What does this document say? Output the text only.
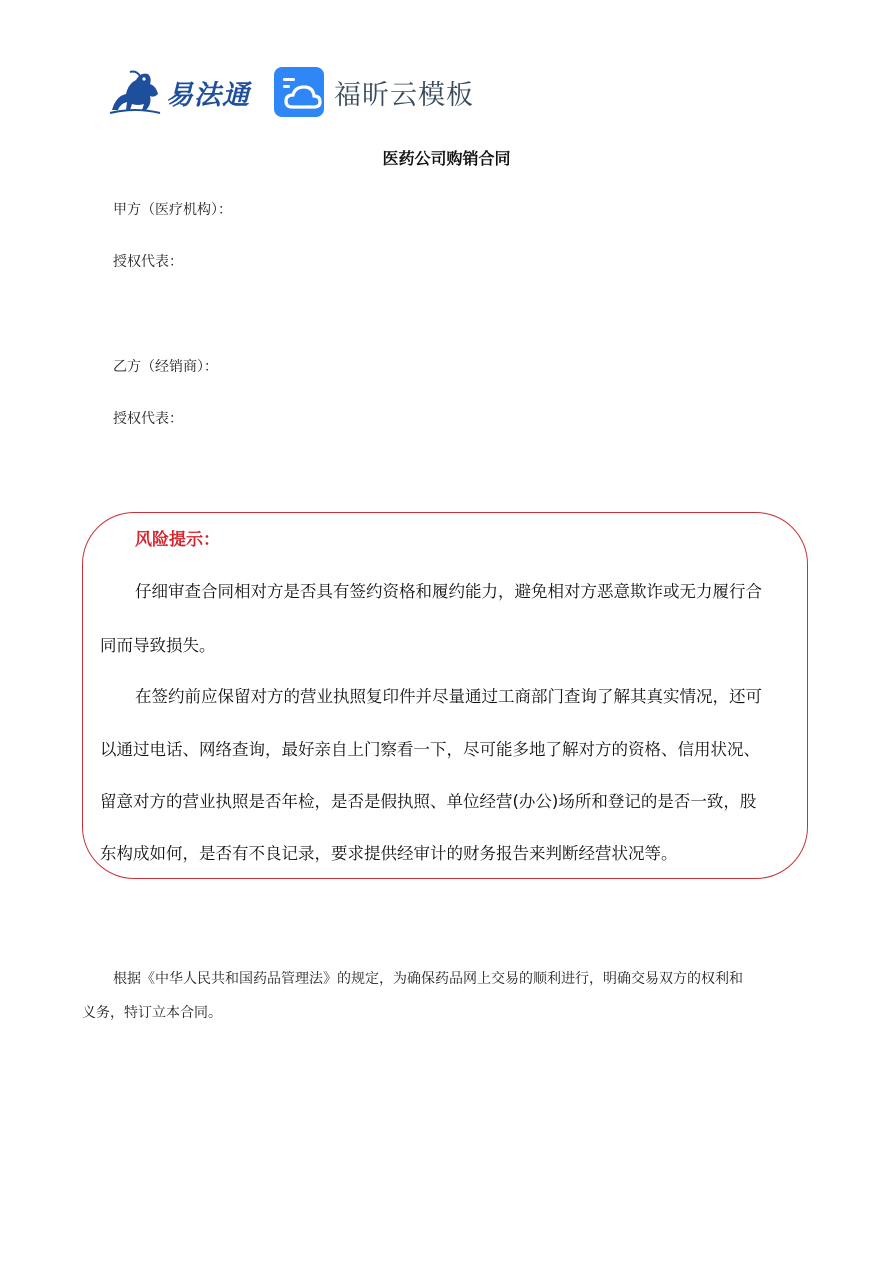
易法通	福昕云模板
医药公司购销合同
甲方（医疗机构）：
授权代表：
乙方（经销商）：
授权代表：
风险提示：
仔细审查合同相对方是否具有签约资格和履约能力，避免相对方恶意欺诈或无力履行合
同而导致损失。
在签约前应保留对方的营业执照复印件并尽量通过工商部门查询了解其真实情况，还可
以通过电话、网络查询，最好亲自上门察看一下，尽可能多地了解对方的资格、信用状况、
留意对方的营业执照是否年检，是否是假执照、单位经营(办公)场所和登记的是否一致，股
东构成如何，是否有不良记录，要求提供经审计的财务报告来判断经营状况等。
根据《中华人民共和国药品管理法》的规定，为确保药品网上交易的顺利进行，明确交易双方的权利和
义务，特订立本合同。
